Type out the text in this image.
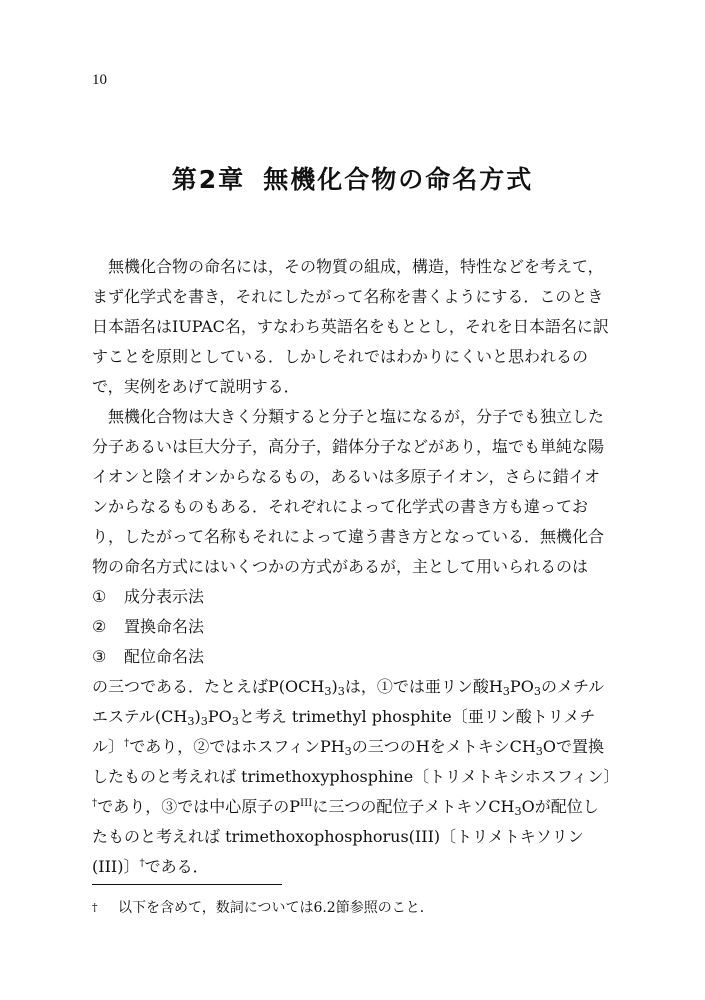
10
第2章 無機化合物の命名方式

無機化合物の命名には，その物質の組成，構造，特性などを考えて，まず化学式を書き，それにしたがって名称を書くようにする．このとき日本語名はIUPAC名，すなわち英語名をもととし，それを日本語名に訳すことを原則としている．しかしそれではわかりにくいと思われるので，実例をあげて説明する．

無機化合物は大きく分類すると分子と塩になるが，分子でも独立した分子あるいは巨大分子，高分子，錯体分子などがあり，塩でも単純な陽イオンと陰イオンからなるもの，あるいは多原子イオン，さらに錯イオンからなるものもある．それぞれによって化学式の書き方も違っており，したがって名称もそれによって違う書き方となっている．無機化合物の命名方式にはいくつかの方式があるが，主として用いられるのは

① 成分表示法
② 置換命名法
③ 配位命名法

の三つである．たとえば$P(OCH_3)_3$は，①では亜リン酸$H_3PO_3$のメチルエステル$(CH_3)_3PO_3$と考え trimethyl phosphite〔亜リン酸トリメチル〕†であり，②ではホスフィン$PH_3$の三つのHをメトキシ$CH_3O$で置換したものと考えれば trimethoxyphosphine〔トリメトキシホスフィン〕†であり，③では中心原子の$P^{III}$に三つの配位子メトキソ$CH_3O$が配位したものと考えれば trimethoxophosphorus(III)〔トリメトキソリン(III)〕†である．

† 以下を含めて，数詞については6.2節参照のこと．
